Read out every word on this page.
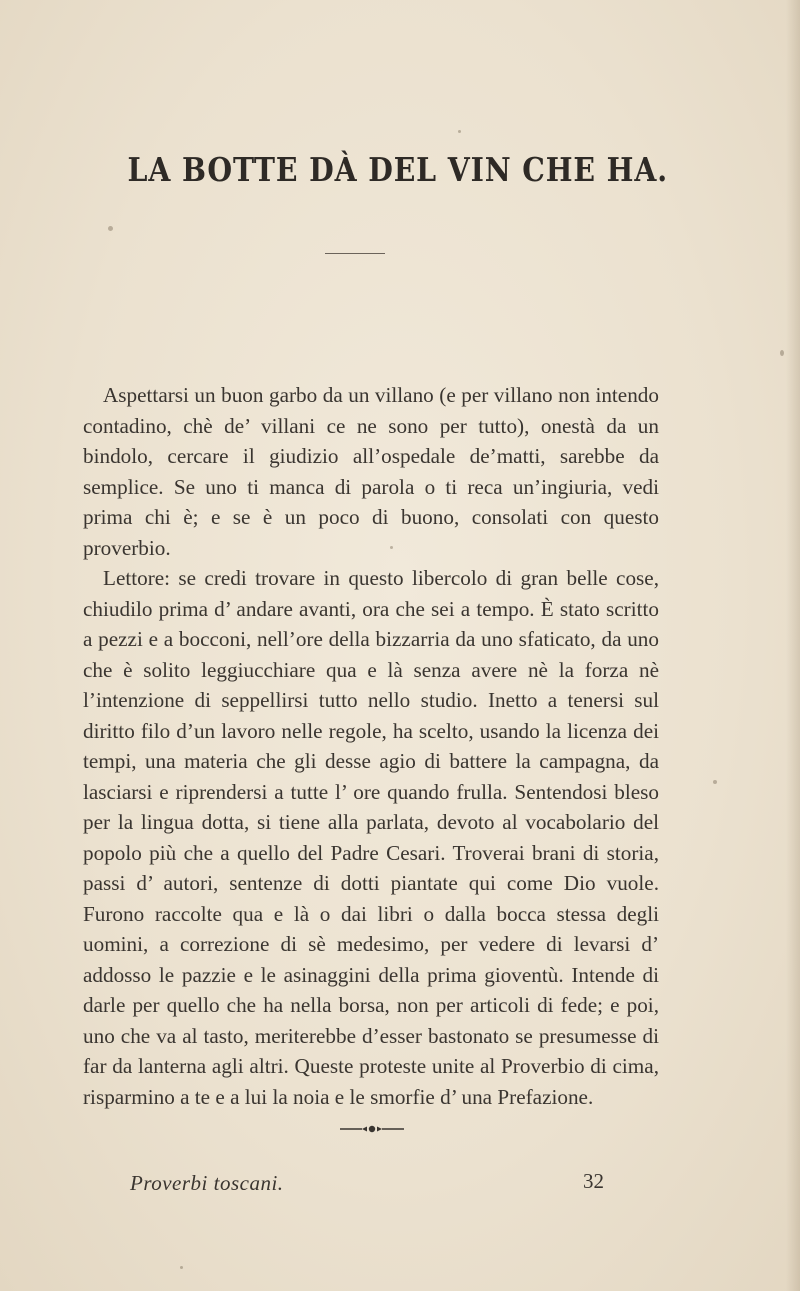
LA BOTTE DÀ DEL VIN CHE HA.

Aspettarsi un buon garbo da un villano (e per villano non intendo contadino, chè de’ villani ce ne sono per tutto), onestà da un bindolo, cercare il giudizio all’ospedale de’matti, sarebbe da semplice. Se uno ti manca di parola o ti reca un’ingiuria, vedi prima chi è; e se è un poco di buono, consolati con questo proverbio.

Lettore: se credi trovare in questo libercolo di gran belle cose, chiudilo prima d’ andare avanti, ora che sei a tempo. È stato scritto a pezzi e a bocconi, nell’ore della bizzarria da uno sfaticato, da uno che è solito leggiucchiare qua e là senza avere nè la forza nè l’intenzione di seppellirsi tutto nello studio. Inetto a tenersi sul diritto filo d’un lavoro nelle regole, ha scelto, usando la licenza dei tempi, una materia che gli desse agio di battere la campagna, da lasciarsi e riprendersi a tutte l’ ore quando frulla. Sentendosi bleso per la lingua dotta, si tiene alla parlata, devoto al vocabolario del popolo più che a quello del Padre Cesari. Troverai brani di storia, passi d’ autori, sentenze di dotti piantate qui come Dio vuole. Furono raccolte qua e là o dai libri o dalla bocca stessa degli uomini, a correzione di sè medesimo, per vedere di levarsi d’ addosso le pazzie e le asinaggini della prima gioventù. Intende di darle per quello che ha nella borsa, non per articoli di fede; e poi, uno che va al tasto, meriterebbe d’esser bastonato se presumesse di far da lanterna agli altri. Queste proteste unite al Proverbio di cima, risparmino a te e a lui la noia e le smorfie d’ una Prefazione.

Proverbi toscani.	32
